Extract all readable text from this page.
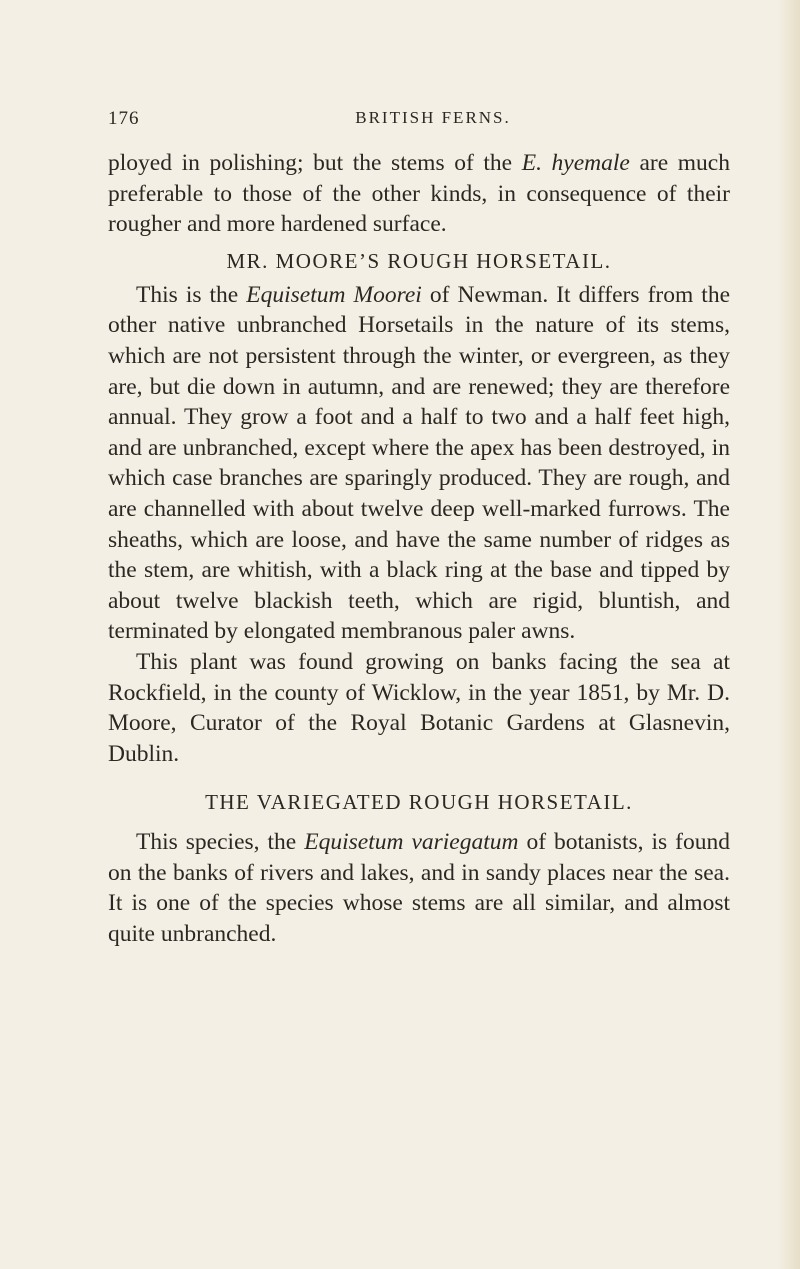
176	BRITISH FERNS.

ployed in polishing; but the stems of the E. hyemale are much preferable to those of the other kinds, in consequence of their rougher and more hardened surface.

MR. MOORE’S ROUGH HORSETAIL.

This is the Equisetum Moorei of Newman. It differs from the other native unbranched Horsetails in the nature of its stems, which are not persistent through the winter, or evergreen, as they are, but die down in autumn, and are renewed; they are therefore annual. They grow a foot and a half to two and a half feet high, and are unbranched, except where the apex has been destroyed, in which case branches are sparingly produced. They are rough, and are channelled with about twelve deep well-marked furrows. The sheaths, which are loose, and have the same number of ridges as the stem, are whitish, with a black ring at the base and tipped by about twelve blackish teeth, which are rigid, bluntish, and terminated by elongated membranous paler awns.

This plant was found growing on banks facing the sea at Rockfield, in the county of Wicklow, in the year 1851, by Mr. D. Moore, Curator of the Royal Botanic Gardens at Glasnevin, Dublin.

THE VARIEGATED ROUGH HORSETAIL.

This species, the Equisetum variegatum of botanists, is found on the banks of rivers and lakes, and in sandy places near the sea. It is one of the species whose stems are all similar, and almost quite unbranched.
